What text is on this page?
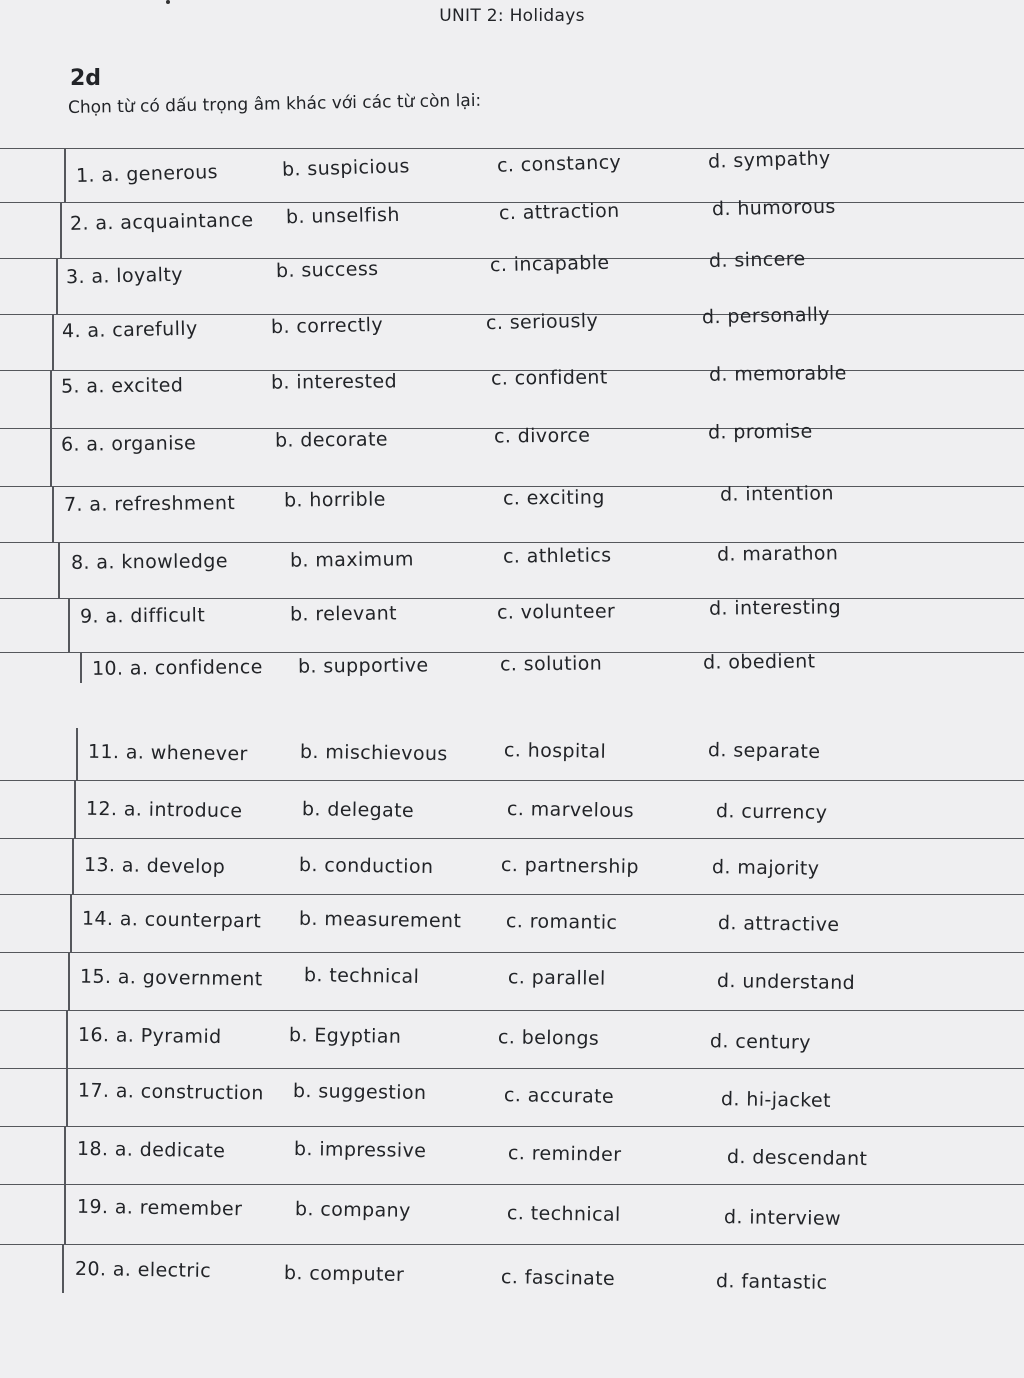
UNIT 2: Holidays
2d
Chọn từ có dấu trọng âm khác với các từ còn lại:
1. a. generous	b. suspicious	c. constancy	d. sympathy
2. a. acquaintance b. unselfish	c. attraction	d. humorous
3. a. loyalty	b. success	c. incapable	d. sincere
4. a. carefully	b. correctly	c. seriously	d. personally
5. a. excited	b. interested	c. confident	d. memorable
6. a. organise	b. decorate	c. divorce	d. promise
7. a. refreshment	b. horrible	c. exciting	d. intention
8. a. knowledge	b. maximum	c. athletics	d. marathon
9. a. difficult	b. relevant	c. volunteer	d. interesting
10. a. confidence b. supportive	c. solution	d. obedient
11. a. whenever	b. mischievous	c. hospital	d. separate
12. a. introduce	b. delegate	c. marvelous	d. currency
13. a. develop	b. conduction	c. partnership	d. majority
14. a. counterpart b. measurement c. romantic	d. attractive
15. a. government b. technical	c. parallel	d. understand
16. a. Pyramid	b. Egyptian	c. belongs	d. century
17. a. construction b. suggestion	c. accurate	d. hi-jacket
18. a. dedicate	b. impressive	c. reminder	d. descendant
19. a. remember	b. company	c. technical	d. interview
20. a. electric	b. computer	c. fascinate	d. fantastic
